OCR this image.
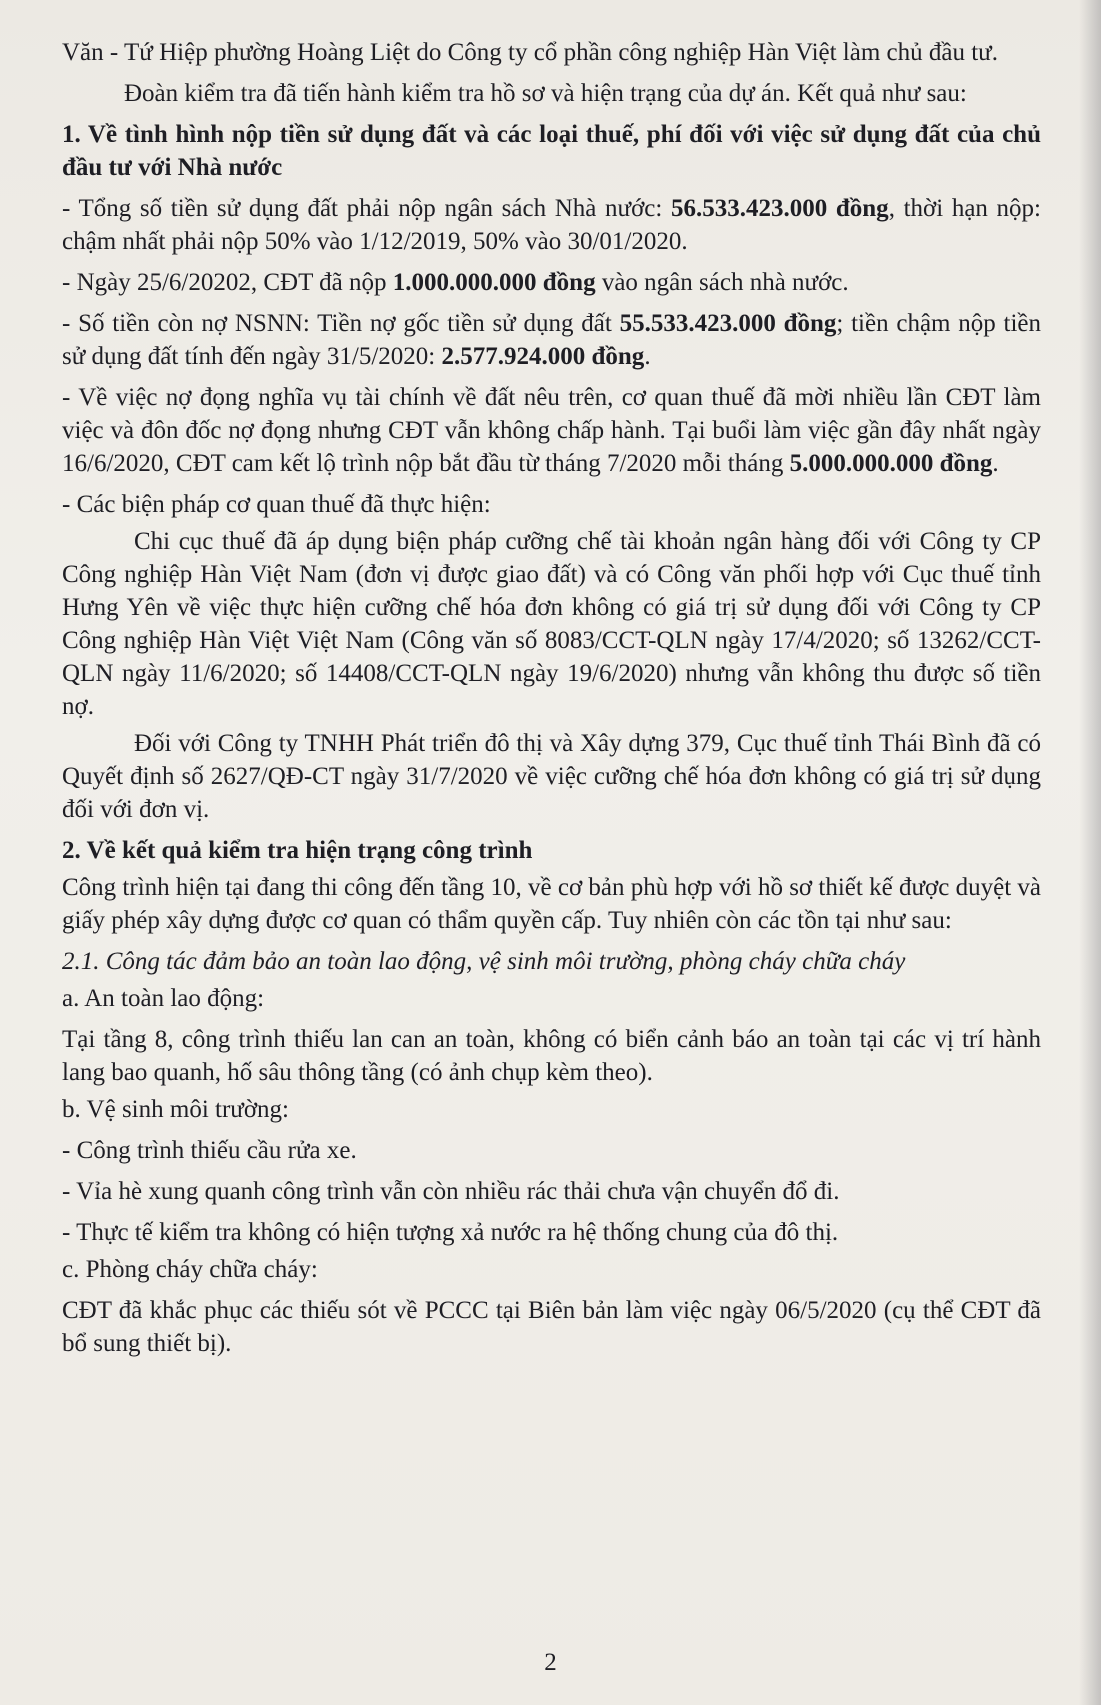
Văn - Tứ Hiệp phường Hoàng Liệt do Công ty cổ phần công nghiệp Hàn Việt làm chủ đầu tư.

Đoàn kiểm tra đã tiến hành kiểm tra hồ sơ và hiện trạng của dự án. Kết quả như sau:

1. Về tình hình nộp tiền sử dụng đất và các loại thuế, phí đối với việc sử dụng đất của chủ đầu tư với Nhà nước

- Tổng số tiền sử dụng đất phải nộp ngân sách Nhà nước: 56.533.423.000 đồng, thời hạn nộp: chậm nhất phải nộp 50% vào 1/12/2019, 50% vào 30/01/2020.

- Ngày 25/6/20202, CĐT đã nộp 1.000.000.000 đồng vào ngân sách nhà nước.

- Số tiền còn nợ NSNN: Tiền nợ gốc tiền sử dụng đất 55.533.423.000 đồng; tiền chậm nộp tiền sử dụng đất tính đến ngày 31/5/2020: 2.577.924.000 đồng.

- Về việc nợ đọng nghĩa vụ tài chính về đất nêu trên, cơ quan thuế đã mời nhiều lần CĐT làm việc và đôn đốc nợ đọng nhưng CĐT vẫn không chấp hành. Tại buổi làm việc gần đây nhất ngày 16/6/2020, CĐT cam kết lộ trình nộp bắt đầu từ tháng 7/2020 mỗi tháng 5.000.000.000 đồng.

- Các biện pháp cơ quan thuế đã thực hiện:

Chi cục thuế đã áp dụng biện pháp cưỡng chế tài khoản ngân hàng đối với Công ty CP Công nghiệp Hàn Việt Nam (đơn vị được giao đất) và có Công văn phối hợp với Cục thuế tỉnh Hưng Yên về việc thực hiện cưỡng chế hóa đơn không có giá trị sử dụng đối với Công ty CP Công nghiệp Hàn Việt Việt Nam (Công văn số 8083/CCT-QLN ngày 17/4/2020; số 13262/CCT-QLN ngày 11/6/2020; số 14408/CCT-QLN ngày 19/6/2020) nhưng vẫn không thu được số tiền nợ.

Đối với Công ty TNHH Phát triển đô thị và Xây dựng 379, Cục thuế tỉnh Thái Bình đã có Quyết định số 2627/QĐ-CT ngày 31/7/2020 về việc cưỡng chế hóa đơn không có giá trị sử dụng đối với đơn vị.

2. Về kết quả kiểm tra hiện trạng công trình

Công trình hiện tại đang thi công đến tầng 10, về cơ bản phù hợp với hồ sơ thiết kế được duyệt và giấy phép xây dựng được cơ quan có thẩm quyền cấp. Tuy nhiên còn các tồn tại như sau:

2.1. Công tác đảm bảo an toàn lao động, vệ sinh môi trường, phòng cháy chữa cháy

a. An toàn lao động:

Tại tầng 8, công trình thiếu lan can an toàn, không có biển cảnh báo an toàn tại các vị trí hành lang bao quanh, hố sâu thông tầng (có ảnh chụp kèm theo).

b. Vệ sinh môi trường:

- Công trình thiếu cầu rửa xe.

- Vỉa hè xung quanh công trình vẫn còn nhiều rác thải chưa vận chuyển đổ đi.

- Thực tế kiểm tra không có hiện tượng xả nước ra hệ thống chung của đô thị.

c. Phòng cháy chữa cháy:

CĐT đã khắc phục các thiếu sót về PCCC tại Biên bản làm việc ngày 06/5/2020 (cụ thể CĐT đã bổ sung thiết bị).

2
